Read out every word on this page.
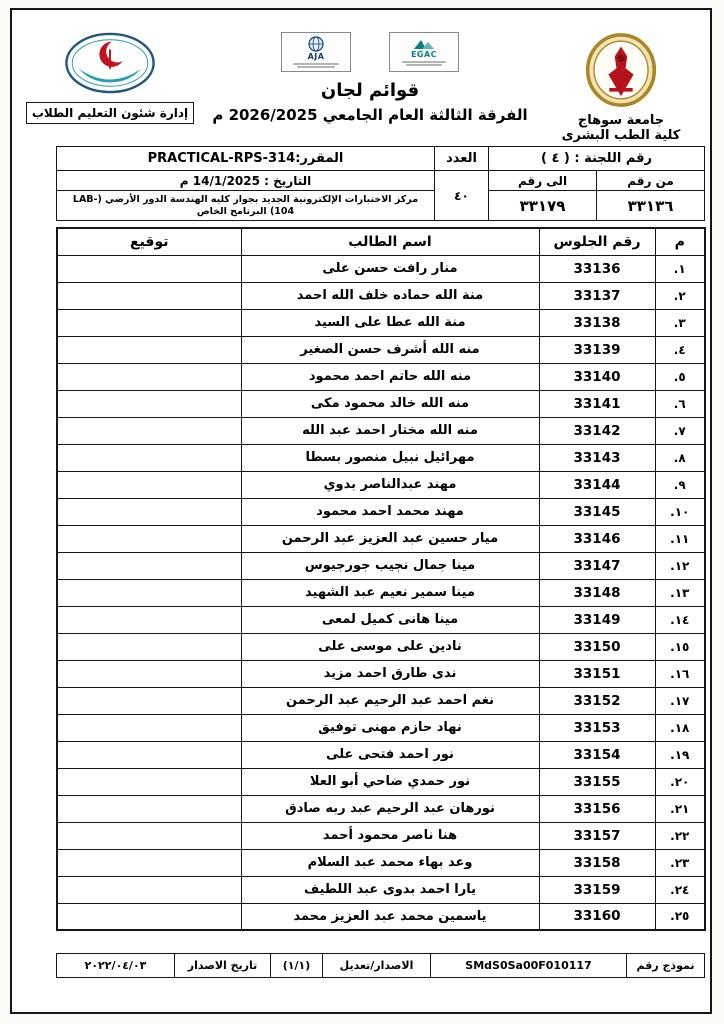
جامعة سوهاج
كلية الطب البشرى
EGAC
AJA
قوائم لجان
الفرقة الثالثة العام الجامعي 2026/2025 م
إدارة شئون التعليم الطلاب
رقم اللجنة : ( ٤ )		العدد	المقرر:PRACTICAL-RPS-314
من رقم	الى رقم	٤٠	التاريخ : 14/1/2025 م
٣٣١٣٦	٣٣١٧٩		مركز الاختبارات الإلكترونية الجديد بجوار كليه الهندسة الدور الأرضي (LAB-104) البرنامج الخاص
م	رقم الجلوس	اسم الطالب	توقيع
١.	33136	منار رافت حسن على	
٢.	33137	منة الله حماده خلف الله احمد	
٣.	33138	منة الله عطا على السيد	
٤.	33139	منه الله أشرف حسن الصغير	
٥.	33140	منه الله حاتم احمد محمود	
٦.	33141	منه الله خالد محمود مكى	
٧.	33142	منه الله مختار احمد عبد الله	
٨.	33143	مهرائيل نبيل منصور بسطا	
٩.	33144	مهند عبدالناصر بدوي	
١٠.	33145	مهند محمد احمد محمود	
١١.	33146	ميار حسين عبد العزيز عبد الرحمن	
١٢.	33147	مينا جمال نجيب جورجيوس	
١٣.	33148	مينا سمير نعيم عبد الشهيد	
١٤.	33149	مينا هانى كميل لمعى	
١٥.	33150	نادين على موسى على	
١٦.	33151	ندى طارق احمد مزيد	
١٧.	33152	نغم احمد عبد الرحيم عبد الرحمن	
١٨.	33153	نهاد حازم مهنى توفيق	
١٩.	33154	نور احمد فتحى على	
٢٠.	33155	نور حمدي ضاحي أبو العلا	
٢١.	33156	نورهان عبد الرحيم عبد ربه صادق	
٢٢.	33157	هنا ناصر محمود أحمد	
٢٣.	33158	وعد بهاء محمد عبد السلام	
٢٤.	33159	يارا احمد بدوى عبد اللطيف	
٢٥.	33160	ياسمين محمد عبد العزيز محمد	
نموذج رقم	SMdS0Sa00F010117	الاصدار/تعديل	(١/١)	تاريخ الاصدار	٢٠٢٢/٠٤/٠٣
